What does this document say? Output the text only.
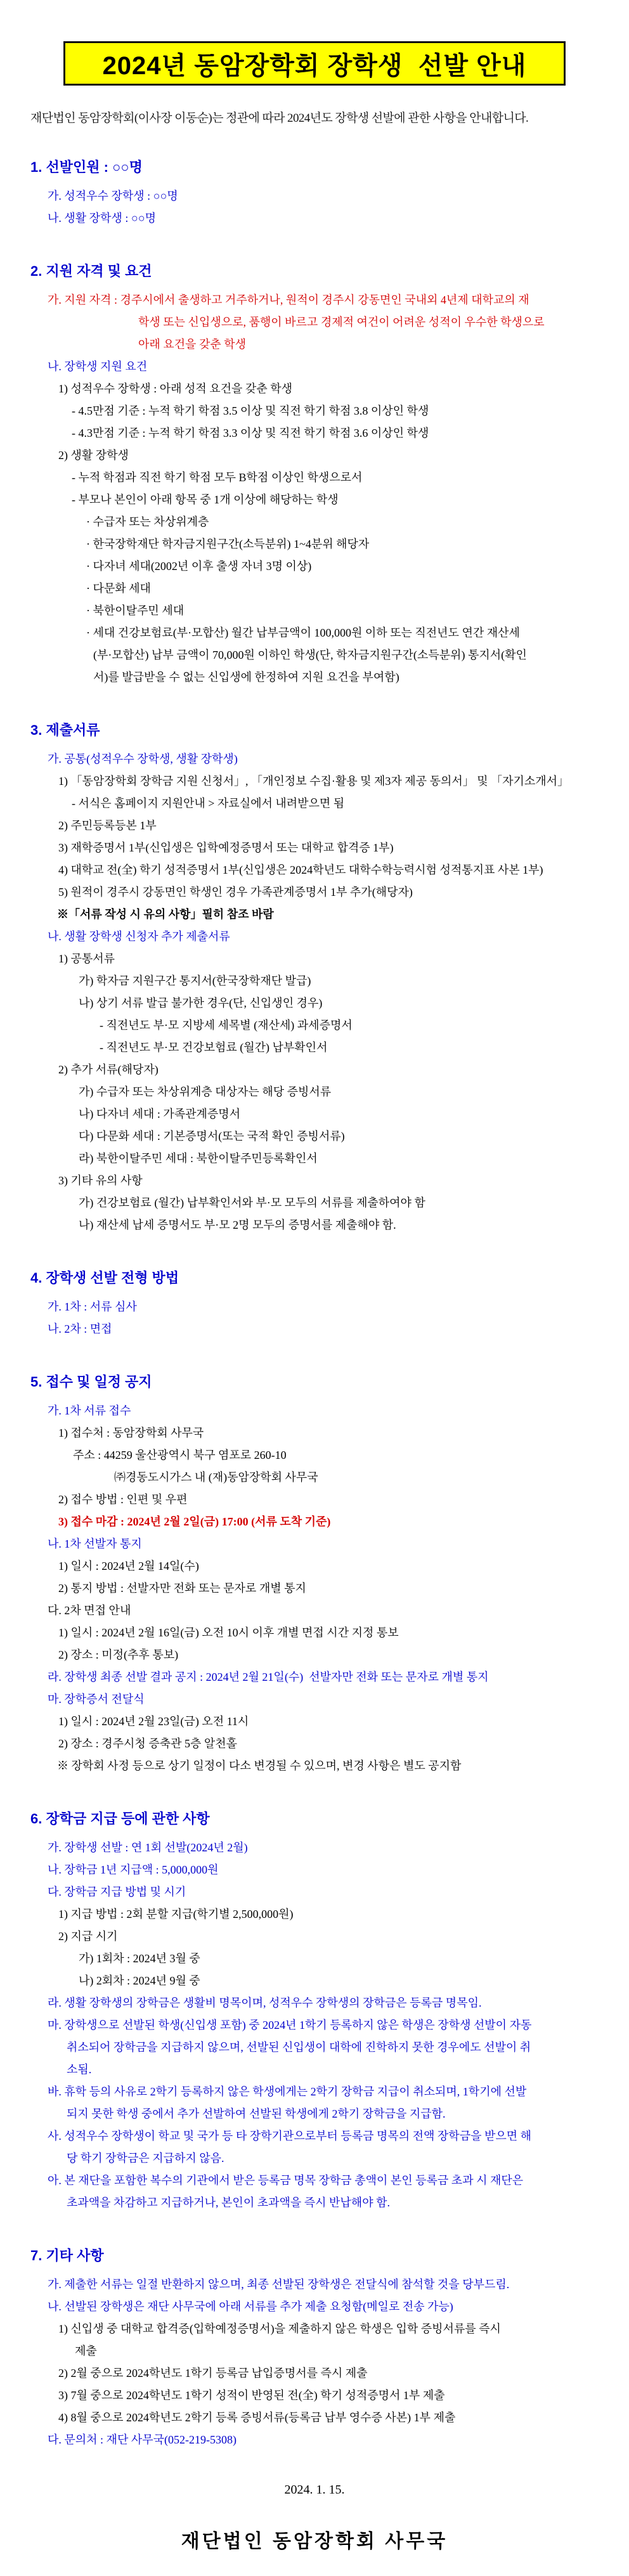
2024년 동암장학회 장학생  선발 안내
재단법인 동암장학회(이사장 이동순)는 정관에 따라 2024년도 장학생 선발에 관한 사항을 안내합니다.
1. 선발인원 : ○○명
가. 성적우수 장학생 : ○○명
나. 생활 장학생 : ○○명
2. 지원 자격 및 요건
가. 지원 자격 : 경주시에서 출생하고 거주하거나, 원적이 경주시 강동면인 국내외 4년제 대학교의 재
학생 또는 신입생으로, 품행이 바르고 경제적 여건이 어려운 성적이 우수한 학생으로
아래 요건을 갖춘 학생
나. 장학생 지원 요건
1) 성적우수 장학생 : 아래 성적 요건을 갖춘 학생
- 4.5만점 기준 : 누적 학기 학점 3.5 이상 및 직전 학기 학점 3.8 이상인 학생
- 4.3만점 기준 : 누적 학기 학점 3.3 이상 및 직전 학기 학점 3.6 이상인 학생
2) 생활 장학생
- 누적 학점과 직전 학기 학점 모두 B학점 이상인 학생으로서
- 부모나 본인이 아래 항목 중 1개 이상에 해당하는 학생
· 수급자 또는 차상위계층
· 한국장학재단 학자금지원구간(소득분위) 1~4분위 해당자
· 다자녀 세대(2002년 이후 출생 자녀 3명 이상)
· 다문화 세대
· 북한이탈주민 세대
· 세대 건강보험료(부·모합산) 월간 납부금액이 100,000원 이하 또는 직전년도 연간 재산세
(부·모합산) 납부 금액이 70,000원 이하인 학생(단, 학자금지원구간(소득분위) 통지서(확인
서)를 발급받을 수 없는 신입생에 한정하여 지원 요건을 부여함)
3. 제출서류
가. 공통(성적우수 장학생, 생활 장학생)
1) 「동암장학회 장학금 지원 신청서」, 「개인정보 수집·활용 및 제3자 제공 동의서」 및 「자기소개서」
- 서식은 홈페이지 지원안내 > 자료실에서 내려받으면 됨
2) 주민등록등본 1부
3) 재학증명서 1부(신입생은 입학예정증명서 또는 대학교 합격증 1부)
4) 대학교 전(全) 학기 성적증명서 1부(신입생은 2024학년도 대학수학능력시험 성적통지표 사본 1부)
5) 원적이 경주시 강동면인 학생인 경우 가족관계증명서 1부 추가(해당자)
※「서류 작성 시 유의 사항」필히 참조 바람
나. 생활 장학생 신청자 추가 제출서류
1) 공통서류
가) 학자금 지원구간 통지서(한국장학재단 발급)
나) 상기 서류 발급 불가한 경우(단, 신입생인 경우)
- 직전년도 부·모 지방세 세목별 (재산세) 과세증명서
- 직전년도 부·모 건강보험료 (월간) 납부확인서
2) 추가 서류(해당자)
가) 수급자 또는 차상위계층 대상자는 해당 증빙서류
나) 다자녀 세대 : 가족관계증명서
다) 다문화 세대 : 기본증명서(또는 국적 확인 증빙서류)
라) 북한이탈주민 세대 : 북한이탈주민등록확인서
3) 기타 유의 사항
가) 건강보험료 (월간) 납부확인서와 부·모 모두의 서류를 제출하여야 함
나) 재산세 납세 증명서도 부·모 2명 모두의 증명서를 제출해야 함.
4. 장학생 선발 전형 방법
가. 1차 : 서류 심사
나. 2차 : 면접
5. 접수 및 일정 공지
가. 1차 서류 접수
1) 접수처 : 동암장학회 사무국
주소 : 44259 울산광역시 북구 염포로 260-10
㈜경동도시가스 내 (재)동암장학회 사무국
2) 접수 방법 : 인편 및 우편
3) 접수 마감 : 2024년 2월 2일(금) 17:00 (서류 도착 기준)
나. 1차 선발자 통지
1) 일시 : 2024년 2월 14일(수)
2) 통지 방법 : 선발자만 전화 또는 문자로 개별 통지
다. 2차 면접 안내
1) 일시 : 2024년 2월 16일(금) 오전 10시 이후 개별 면접 시간 지정 통보
2) 장소 : 미정(추후 통보)
라. 장학생 최종 선발 결과 공지 : 2024년 2월 21일(수)  선발자만 전화 또는 문자로 개별 통지
마. 장학증서 전달식
1) 일시 : 2024년 2월 23일(금) 오전 11시
2) 장소 : 경주시청 증축관 5층 알천홀
※ 장학회 사정 등으로 상기 일정이 다소 변경될 수 있으며, 변경 사항은 별도 공지함
6. 장학금 지급 등에 관한 사항
가. 장학생 선발 : 연 1회 선발(2024년 2월)
나. 장학금 1년 지급액 : 5,000,000원
다. 장학금 지급 방법 및 시기
1) 지급 방법 : 2회 분할 지급(학기별 2,500,000원)
2) 지급 시기
가) 1회차 : 2024년 3월 중
나) 2회차 : 2024년 9월 중
라. 생활 장학생의 장학금은 생활비 명목이며, 성적우수 장학생의 장학금은 등록금 명목임.
마. 장학생으로 선발된 학생(신입생 포함) 중 2024년 1학기 등록하지 않은 학생은 장학생 선발이 자동
취소되어 장학금을 지급하지 않으며, 선발된 신입생이 대학에 진학하지 못한 경우에도 선발이 취
소됨.
바. 휴학 등의 사유로 2학기 등록하지 않은 학생에게는 2학기 장학금 지급이 취소되며, 1학기에 선발
되지 못한 학생 중에서 추가 선발하여 선발된 학생에게 2학기 장학금을 지급함.
사. 성적우수 장학생이 학교 및 국가 등 타 장학기관으로부터 등록금 명목의 전액 장학금을 받으면 해
당 학기 장학금은 지급하지 않음.
아. 본 재단을 포함한 복수의 기관에서 받은 등록금 명목 장학금 총액이 본인 등록금 초과 시 재단은
초과액을 차감하고 지급하거나, 본인이 초과액을 즉시 반납해야 함.
7. 기타 사항
가. 제출한 서류는 일절 반환하지 않으며, 최종 선발된 장학생은 전달식에 참석할 것을 당부드림.
나. 선발된 장학생은 재단 사무국에 아래 서류를 추가 제출 요청함(메일로 전송 가능)
1) 신입생 중 대학교 합격증(입학예정증명서)을 제출하지 않은 학생은 입학 증빙서류를 즉시
제출
2) 2월 중으로 2024학년도 1학기 등록금 납입증명서를 즉시 제출
3) 7월 중으로 2024학년도 1학기 성적이 반영된 전(全) 학기 성적증명서 1부 제출
4) 8월 중으로 2024학년도 2학기 등록 증빙서류(등록금 납부 영수증 사본) 1부 제출
다. 문의처 : 재단 사무국(052-219-5308)
2024. 1. 15.
재단법인 동암장학회 사무국
